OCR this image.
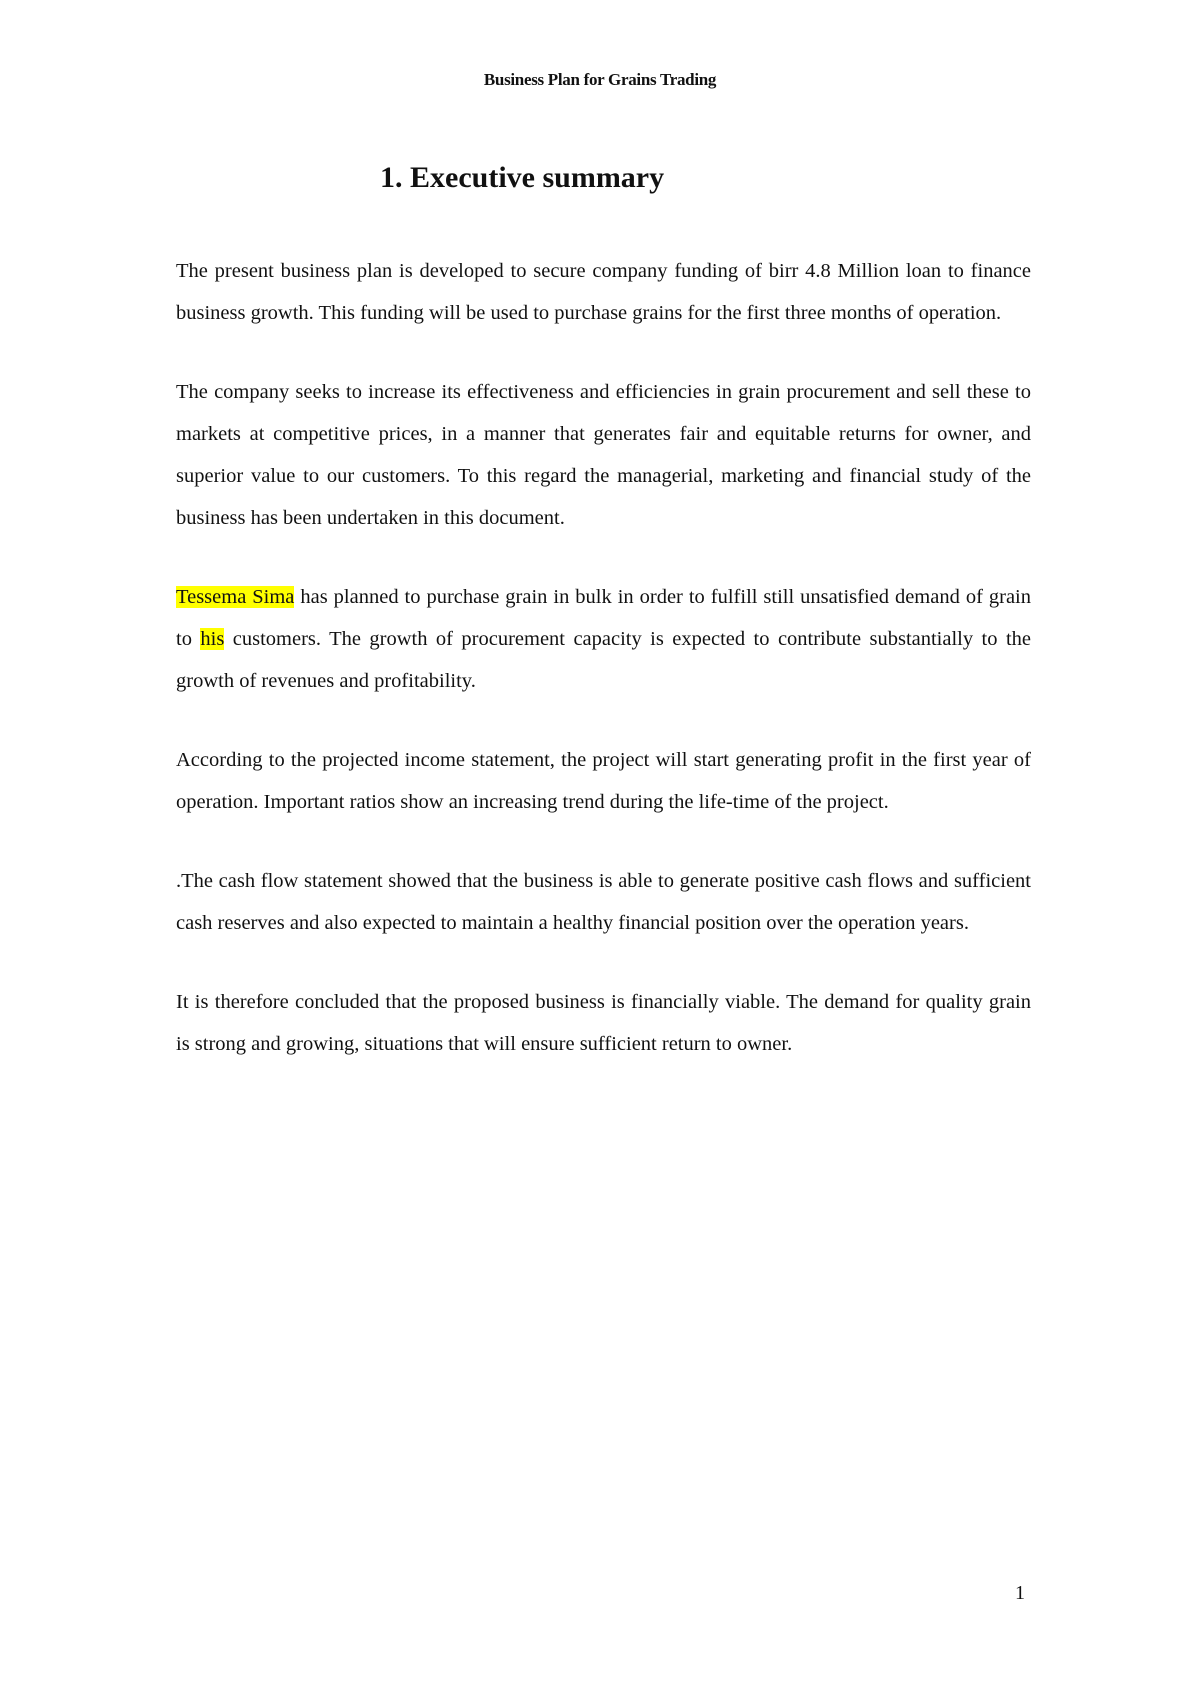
Business Plan for Grains Trading
1. Executive summary

The present business plan is developed to secure company funding of birr 4.8 Million loan to finance business growth. This funding will be used to purchase grains for the first three months of operation.

The company seeks to increase its effectiveness and efficiencies in grain procurement and sell these to markets at competitive prices, in a manner that generates fair and equitable returns for owner, and superior value to our customers. To this regard the managerial, marketing and financial study of the business has been undertaken in this document.

Tessema Sima has planned to purchase grain in bulk in order to fulfill still unsatisfied demand of grain to his customers. The growth of procurement capacity is expected to contribute substantially to the growth of revenues and profitability.

According to the projected income statement, the project will start generating profit in the first year of operation. Important ratios show an increasing trend during the life-time of the project.

.The cash flow statement showed that the business is able to generate positive cash flows and sufficient cash reserves and also expected to maintain a healthy financial position over the operation years.

It is therefore concluded that the proposed business is financially viable. The demand for quality grain is strong and growing, situations that will ensure sufficient return to owner.

1
